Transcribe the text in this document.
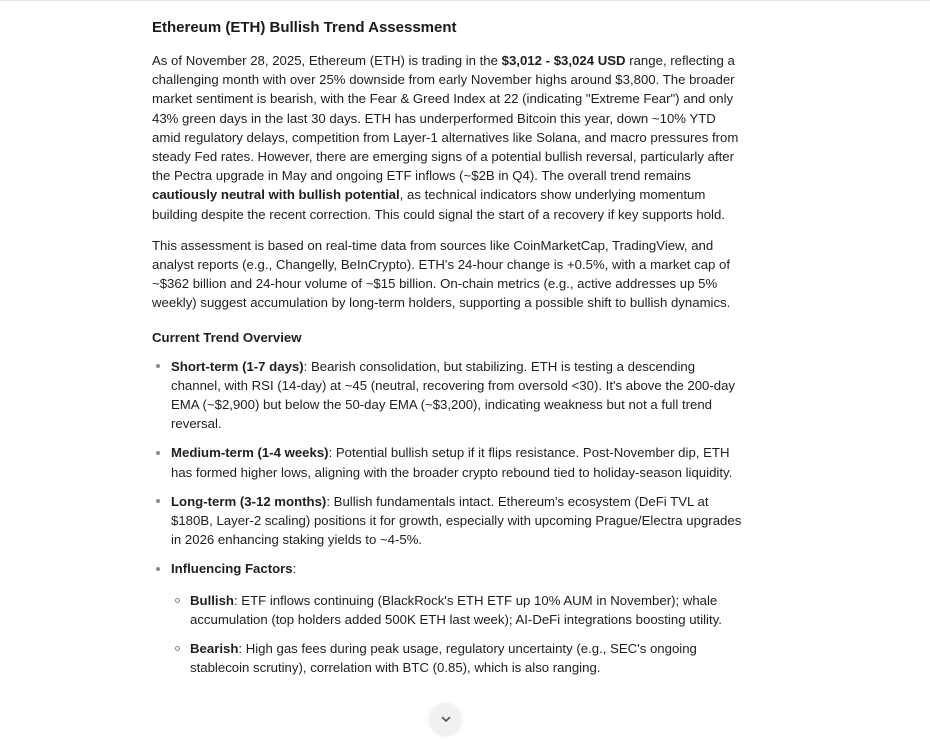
Ethereum (ETH) Bullish Trend Assessment

As of November 28, 2025, Ethereum (ETH) is trading in the $3,012 - $3,024 USD range, reflecting a challenging month with over 25% downside from early November highs around $3,800. The broader market sentiment is bearish, with the Fear & Greed Index at 22 (indicating "Extreme Fear") and only 43% green days in the last 30 days. ETH has underperformed Bitcoin this year, down ~10% YTD amid regulatory delays, competition from Layer-1 alternatives like Solana, and macro pressures from steady Fed rates. However, there are emerging signs of a potential bullish reversal, particularly after the Pectra upgrade in May and ongoing ETF inflows (~$2B in Q4). The overall trend remains cautiously neutral with bullish potential, as technical indicators show underlying momentum building despite the recent correction. This could signal the start of a recovery if key supports hold.

This assessment is based on real-time data from sources like CoinMarketCap, TradingView, and analyst reports (e.g., Changelly, BeInCrypto). ETH's 24-hour change is +0.5%, with a market cap of ~$362 billion and 24-hour volume of ~$15 billion. On-chain metrics (e.g., active addresses up 5% weekly) suggest accumulation by long-term holders, supporting a possible shift to bullish dynamics.

Current Trend Overview
Short-term (1-7 days): Bearish consolidation, but stabilizing. ETH is testing a descending channel, with RSI (14-day) at ~45 (neutral, recovering from oversold <30). It's above the 200-day EMA (~$2,900) but below the 50-day EMA (~$3,200), indicating weakness but not a full trend reversal.
Medium-term (1-4 weeks): Potential bullish setup if it flips resistance. Post-November dip, ETH has formed higher lows, aligning with the broader crypto rebound tied to holiday-season liquidity.
Long-term (3-12 months): Bullish fundamentals intact. Ethereum's ecosystem (DeFi TVL at $180B, Layer-2 scaling) positions it for growth, especially with upcoming Prague/Electra upgrades in 2026 enhancing staking yields to ~4-5%.
Influencing Factors:
Bullish: ETF inflows continuing (BlackRock's ETH ETF up 10% AUM in November); whale accumulation (top holders added 500K ETH last week); AI-DeFi integrations boosting utility.
Bearish: High gas fees during peak usage, regulatory uncertainty (e.g., SEC's ongoing stablecoin scrutiny), correlation with BTC (0.85), which is also ranging.
